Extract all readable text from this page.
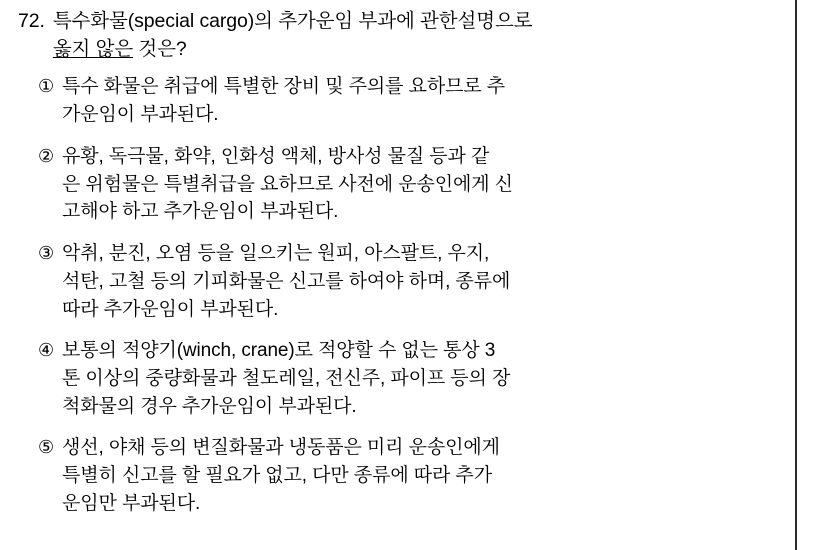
72. 특수화물(special cargo)의 추가운임 부과에 관한설명으로
옳지 않은 것은?
① 특수 화물은 취급에 특별한 장비 및 주의를 요하므로 추
가운임이 부과된다.
② 유황, 독극물, 화약, 인화성 액체, 방사성 물질 등과 같
은 위험물은 특별취급을 요하므로 사전에 운송인에게 신
고해야 하고 추가운임이 부과된다.
③ 악취, 분진, 오염 등을 일으키는 원피, 아스팔트, 우지,
석탄, 고철 등의 기피화물은 신고를 하여야 하며, 종류에
따라 추가운임이 부과된다.
④ 보통의 적양기(winch, crane)로 적양할 수 없는 통상 3
톤 이상의 중량화물과 철도레일, 전신주, 파이프 등의 장
척화물의 경우 추가운임이 부과된다.
⑤ 생선, 야채 등의 변질화물과 냉동품은 미리 운송인에게
특별히 신고를 할 필요가 없고, 다만 종류에 따라 추가
운임만 부과된다.
